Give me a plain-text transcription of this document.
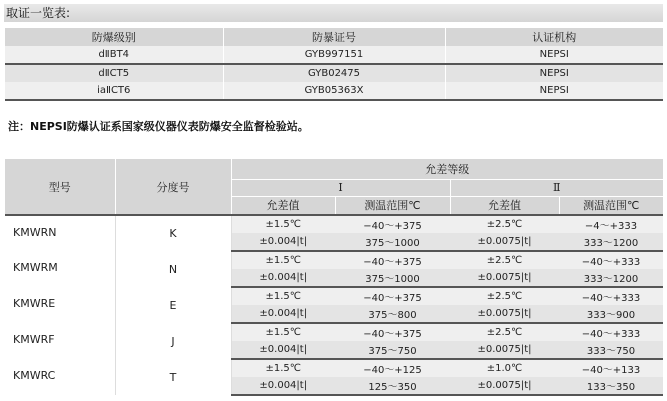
取证一览表:
防爆级别	防暴证号	认证机构
dⅡBT4	GYB997151	NEPSI
dⅡCT5	GYB02475	NEPSI
iaⅡCT6	GYB05363X	NEPSI
注：NEPSI防爆认证系国家级仪器仪表防爆安全监督检验站。
型号	分度号	允差等级			
		Ⅰ		Ⅱ	
		允差值	测温范围℃	允差值	测温范围℃
KMWRN	K	±1.5℃	−40～+375	±2.5℃	−4～+333
		±0.004|t|	375～1000	±0.0075|t|	333～1200
KMWRM	N	±1.5℃	−40～+375	±2.5℃	−40～+333
		±0.004|t|	375～1000	±0.0075|t|	333～1200
KMWRE	E	±1.5℃	−40～+375	±2.5℃	−40～+333
		±0.004|t|	375～800	±0.0075|t|	333～900
KMWRF	J	±1.5℃	−40～+375	±2.5℃	−40～+333
		±0.004|t|	375～750	±0.0075|t|	333～750
KMWRC	T	±1.5℃	−40～+125	±1.0℃	−40～+133
		±0.004|t|	125～350	±0.0075|t|	133～350
